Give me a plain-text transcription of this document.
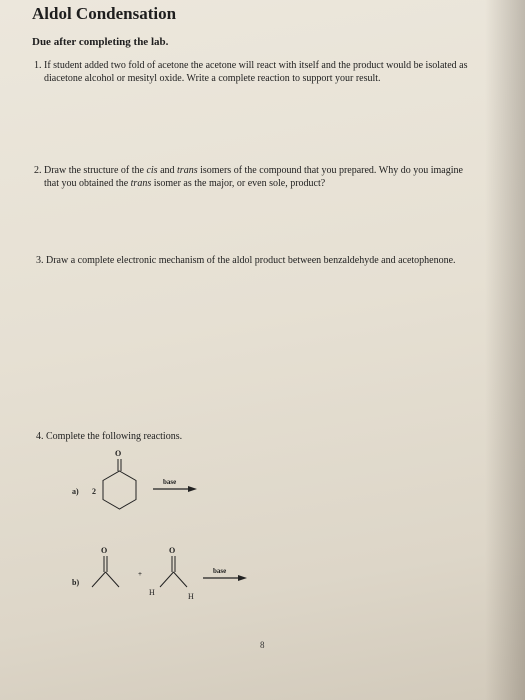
Aldol Condensation
Due after completing the lab.
1. If student added two fold of acetone the acetone will react with itself and the product would be isolated as
diacetone alcohol or mesityl oxide. Write a complete reaction to support your result.
2. Draw the structure of the cis and trans isomers of the compound that you prepared. Why do you imagine
that you obtained the trans isomer as the major, or even sole, product?
3. Draw a complete electronic mechanism of the aldol product between benzaldehyde and acetophenone.
4. Complete the following reactions.
a) 2
O
base
b)
O
+
O
H	H
base
8
